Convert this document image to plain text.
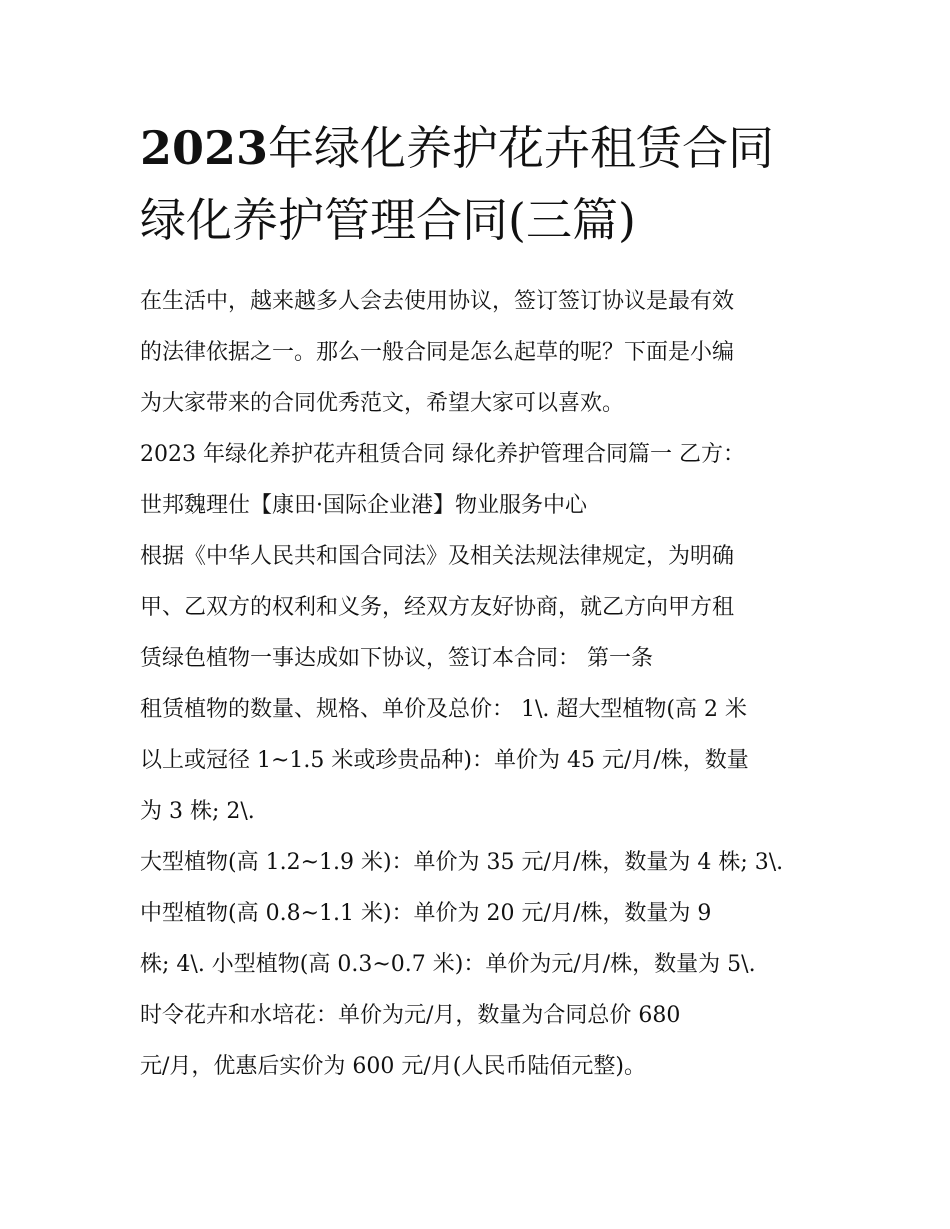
2023年绿化养护花卉租赁合同
绿化养护管理合同(三篇)
在生活中，越来越多人会去使用协议，签订签订协议是最有效
的法律依据之一。那么一般合同是怎么起草的呢？下面是小编
为大家带来的合同优秀范文，希望大家可以喜欢。
2023 年绿化养护花卉租赁合同 绿化养护管理合同篇一 乙方：
世邦魏理仕【康田·国际企业港】物业服务中心
根据《中华人民共和国合同法》及相关法规法律规定，为明确
甲、乙双方的权利和义务，经双方友好协商，就乙方向甲方租
赁绿色植物一事达成如下协议，签订本合同： 第一条
租赁植物的数量、规格、单价及总价： 1\. 超大型植物(高 2 米
以上或冠径 1~1.5 米或珍贵品种)：单价为 45 元/月/株，数量
为 3 株; 2\.
大型植物(高 1.2~1.9 米)：单价为 35 元/月/株，数量为 4 株; 3\.
中型植物(高 0.8~1.1 米)：单价为 20 元/月/株，数量为 9
株; 4\. 小型植物(高 0.3~0.7 米)：单价为元/月/株，数量为 5\.
时令花卉和水培花：单价为元/月，数量为合同总价 680
元/月，优惠后实价为 600 元/月(人民币陆佰元整)。
